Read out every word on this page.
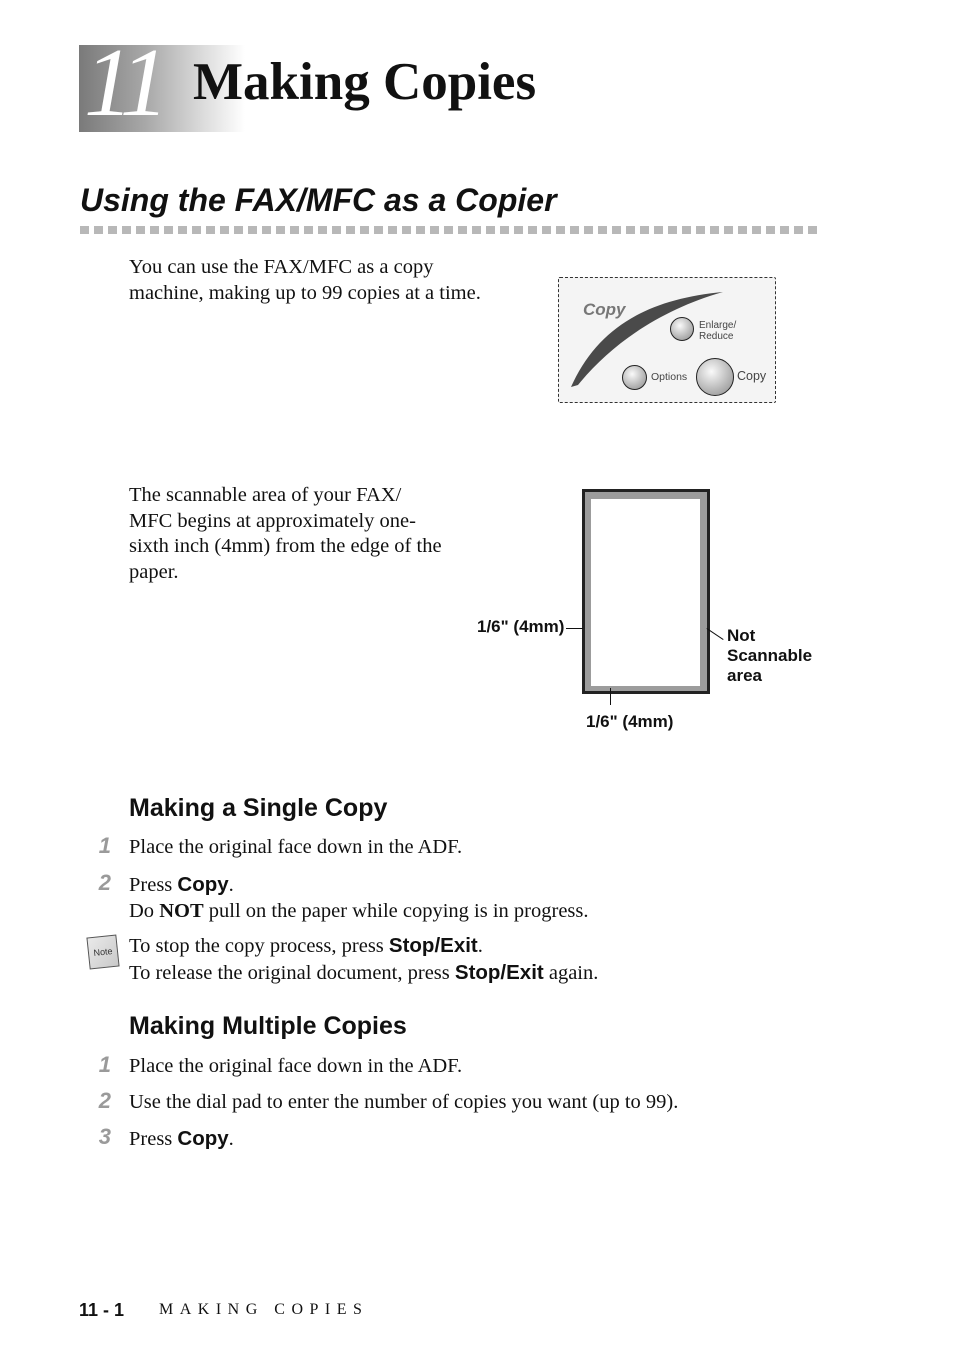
11 Making Copies
Using the FAX/MFC as a Copier
You can use the FAX/MFC as a copy
machine, making up to 99 copies at a time.
Copy
Enlarge/
Reduce
Options	Copy
The scannable area of your FAX/
MFC begins at approximately one-
sixth inch (4mm) from the edge of the
paper.
1/6" (4mm)
1/6" (4mm)
Not
Scannable
area
Making a Single Copy
1 Place the original face down in the ADF.
2 Press Copy.
Do NOT pull on the paper while copying is in progress.
Note To stop the copy process, press Stop/Exit.
To release the original document, press Stop/Exit again.
Making Multiple Copies
1 Place the original face down in the ADF.
2 Use the dial pad to enter the number of copies you want (up to 99).
3 Press Copy.
11 - 1 MAKING COPIES
